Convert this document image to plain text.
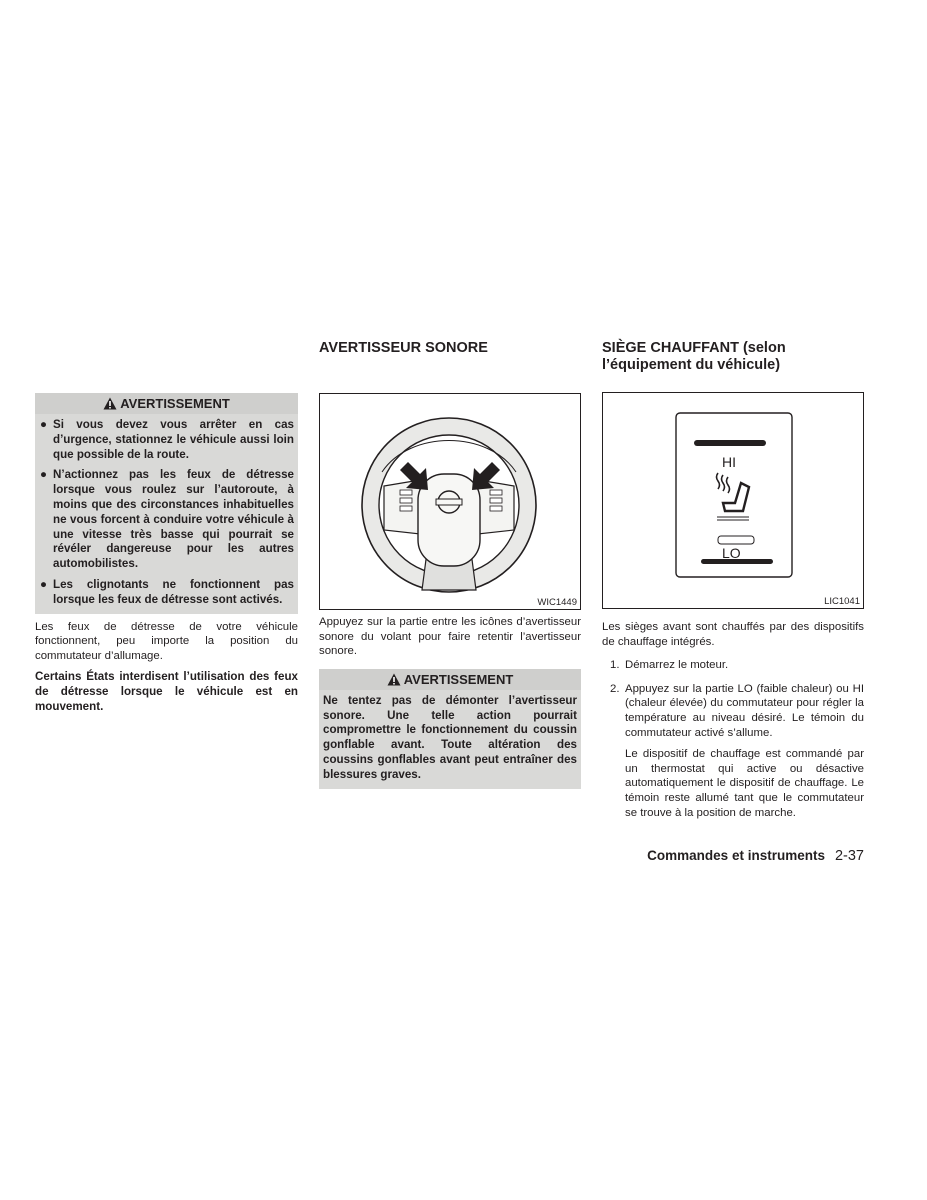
AVERTISSEMENT
● Si vous devez vous arrêter en cas d’urgence, stationnez le véhicule aussi loin que possible de la route.
● N’actionnez pas les feux de détresse lorsque vous roulez sur l’autoroute, à moins que des circonstances inhabituelles ne vous forcent à conduire votre véhicule à une vitesse très basse qui pourrait se révéler dangereuse pour les autres automobilistes.
● Les clignotants ne fonctionnent pas lorsque les feux de détresse sont activés.

Les feux de détresse de votre véhicule fonctionnent, peu importe la position du commutateur d’allumage.

Certains États interdisent l’utilisation des feux de détresse lorsque le véhicule est en mouvement.

AVERTISSEUR SONORE
WIC1449

Appuyez sur la partie entre les icônes d’avertisseur sonore du volant pour faire retentir l’avertisseur sonore.

AVERTISSEMENT

Ne tentez pas de démonter l’avertisseur sonore. Une telle action pourrait compromettre le fonctionnement du coussin gonflable avant. Toute altération des coussins gonflables avant peut entraîner des blessures graves.

SIÈGE CHAUFFANT (selon l’équipement du véhicule)
HI
LO
LIC1041

Les sièges avant sont chauffés par des dispositifs de chauffage intégrés.

1. Démarrez le moteur.
2. Appuyez sur la partie LO (faible chaleur) ou HI (chaleur élevée) du commutateur pour régler la température au niveau désiré. Le témoin du commutateur activé s’allume.

Le dispositif de chauffage est commandé par un thermostat qui active ou désactive automatiquement le dispositif de chauffage. Le témoin reste allumé tant que le commutateur se trouve à la position de marche.

Commandes et instruments 2-37
